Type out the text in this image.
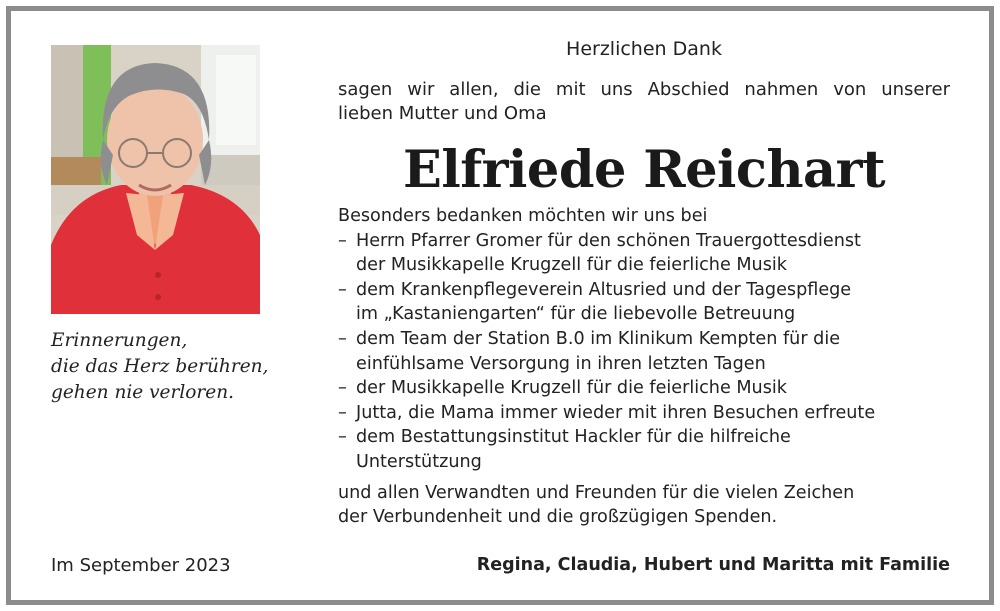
Erinnerungen,
die das Herz berühren,
gehen nie verloren.
Im September 2023
Herzlichen Dank
sagen wir allen, die mit uns Abschied nahmen von unserer
lieben Mutter und Oma
Elfriede Reichart
Besonders bedanken möchten wir uns bei
– Herrn Pfarrer Gromer für den schönen Trauergottesdienst
der Musikkapelle Krugzell für die feierliche Musik
– dem Krankenpflegeverein Altusried und der Tagespflege
im „Kastaniengarten“ für die liebevolle Betreuung
– dem Team der Station B.0 im Klinikum Kempten für die
einfühlsame Versorgung in ihren letzten Tagen
– der Musikkapelle Krugzell für die feierliche Musik
– Jutta, die Mama immer wieder mit ihren Besuchen erfreute
– dem Bestattungsinstitut Hackler für die hilfreiche
Unterstützung
und allen Verwandten und Freunden für die vielen Zeichen
der Verbundenheit und die großzügigen Spenden.
Regina, Claudia, Hubert und Maritta mit Familie
